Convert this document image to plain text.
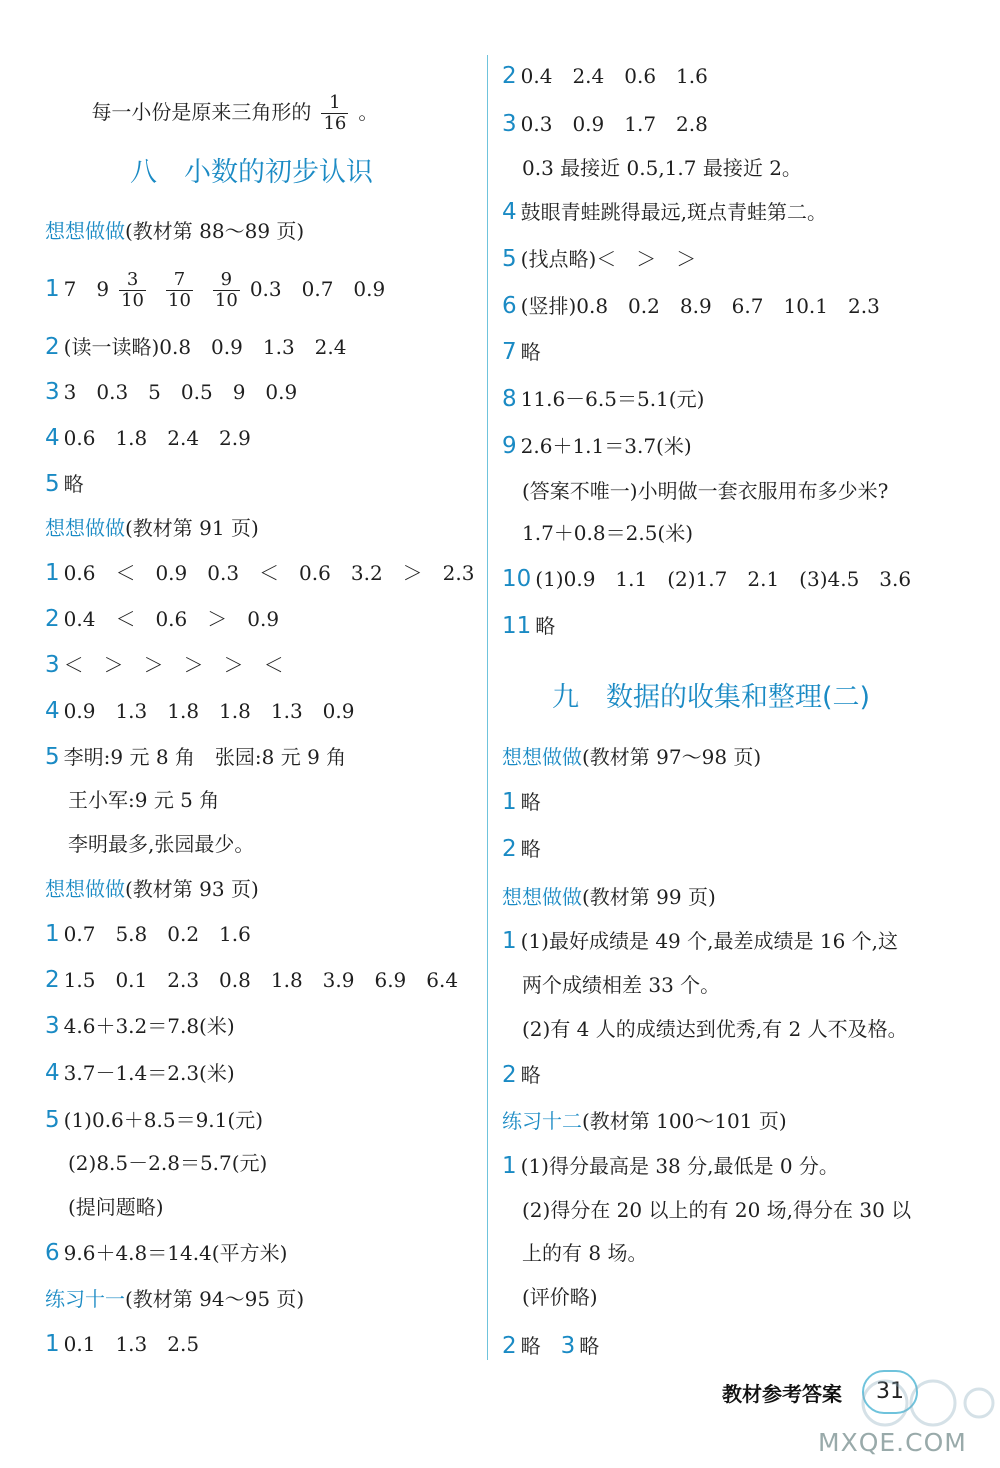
每一小份是原来三角形的 $\frac{1}{16}$ 。

八　小数的初步认识
想想做做(教材第 88～89 页)
1 7　$9 \frac{3}{10} \frac{7}{10} \frac{9}{10} 0.3$　0.7　0.9
2 (读一读略)0.8　0.9　1.3　2.4
3 3　0.3　5　0.5　9　0.9
4 0.6　1.8　2.4　2.9
5 略
想想做做(教材第 91 页)
1 0.6　＜　0.9　0.3　＜　0.6　3.2　＞　2.3
2 0.4　＜　0.6　＞　0.9
3 ＜　＞　＞　＞　＞　＜
4 0.9　1.3　1.8　1.8　1.3　0.9
5 李明:9 元 8 角　张园:8 元 9 角
王小军:9 元 5 角
李明最多,张园最少。
想想做做(教材第 93 页)
1 0.7　5.8　0.2　1.6
2 1.5　0.1　2.3　0.8　1.8　3.9　6.9　6.4
3 4.6＋3.2＝7.8(米)
4 3.7－1.4＝2.3(米)
5 (1)0.6＋8.5＝9.1(元)
(2)8.5－2.8＝5.7(元)
(提问题略)
6 9.6＋4.8＝14.4(平方米)
练习十一(教材第 94～95 页)
1 0.1　1.3　2.5
2 0.4　2.4　0.6　1.6
3 0.3　0.9　1.7　2.8
0.3 最接近 0.5,1.7 最接近 2。
4 鼓眼青蛙跳得最远,斑点青蛙第二。
5 (找点略)＜　＞　＞
6 (竖排)0.8　0.2　8.9　6.7　10.1　2.3
7 略
8 11.6－6.5＝5.1(元)
9 2.6＋1.1＝3.7(米)
(答案不唯一)小明做一套衣服用布多少米?
1.7＋0.8＝2.5(米)
10 (1)0.9　1.1　(2)1.7　2.1　(3)4.5　3.6
11 略
九　数据的收集和整理(二)
想想做做(教材第 97～98 页)
1 略
2 略
想想做做(教材第 99 页)
1 (1)最好成绩是 49 个,最差成绩是 16 个,这
两个成绩相差 33 个。
(2)有 4 人的成绩达到优秀,有 2 人不及格。
2 略
练习十二(教材第 100～101 页)
1 (1)得分最高是 38 分,最低是 0 分。
(2)得分在 20 以上的有 20 场,得分在 30 以
上的有 8 场。
(评价略)
2 略　 3 略
教材参考答案	31
MXQE.COM
